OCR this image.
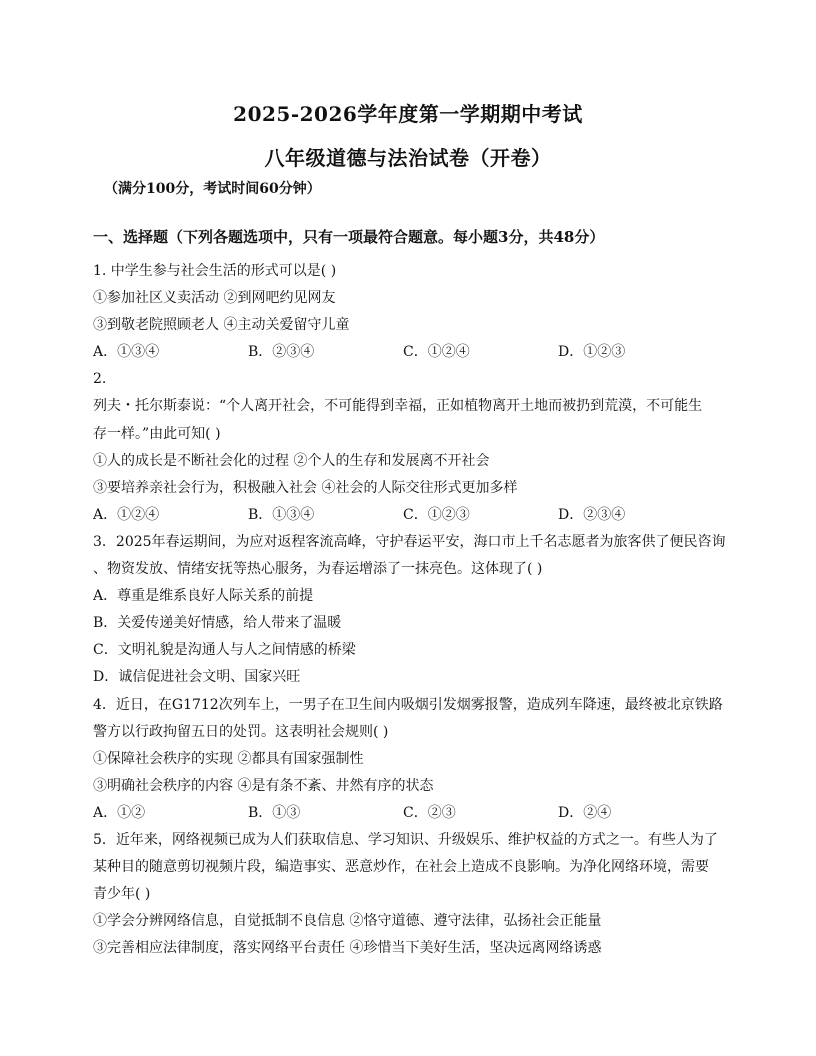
2025-2026学年度第一学期期中考试
八年级道德与法治试卷（开卷）
（满分100分，考试时间60分钟）
一、选择题（下列各题选项中，只有一项最符合题意。每小题3分，共48分）
1. 中学生参与社会生活的形式可以是( )
①参加社区义卖活动 ②到网吧约见网友
③到敬老院照顾老人 ④主动关爱留守儿童
A．①③④	B．②③④	C．①②④	D．①②③
2.
列夫・托尔斯泰说：“个人离开社会，不可能得到幸福，正如植物离开土地而被扔到荒漠，不可能生
存一样。”由此可知( )
①人的成长是不断社会化的过程 ②个人的生存和发展离不开社会
③要培养亲社会行为，积极融入社会 ④社会的人际交往形式更加多样
A．①②④	B．①③④	C．①②③	D．②③④
3．2025年春运期间，为应对返程客流高峰，守护春运平安，海口市上千名志愿者为旅客供了便民咨询
、物资发放、情绪安抚等热心服务，为春运增添了一抹亮色。这体现了( )
A．尊重是维系良好人际关系的前提
B．关爱传递美好情感，给人带来了温暖
C．文明礼貌是沟通人与人之间情感的桥梁
D．诚信促进社会文明、国家兴旺
4．近日，在G1712次列车上，一男子在卫生间内吸烟引发烟雾报警，造成列车降速，最终被北京铁路
警方以行政拘留五日的处罚。这表明社会规则( )
①保障社会秩序的实现 ②都具有国家强制性
③明确社会秩序的内容 ④是有条不紊、井然有序的状态
A．①②	B．①③	C．②③	D．②④
5．近年来，网络视频已成为人们获取信息、学习知识、升级娱乐、维护权益的方式之一。有些人为了
某种目的随意剪切视频片段，编造事实、恶意炒作，在社会上造成不良影响。为净化网络环境，需要
青少年( )
①学会分辨网络信息，自觉抵制不良信息 ②恪守道德、遵守法律，弘扬社会正能量
③完善相应法律制度，落实网络平台责任 ④珍惜当下美好生活，坚决远离网络诱惑
